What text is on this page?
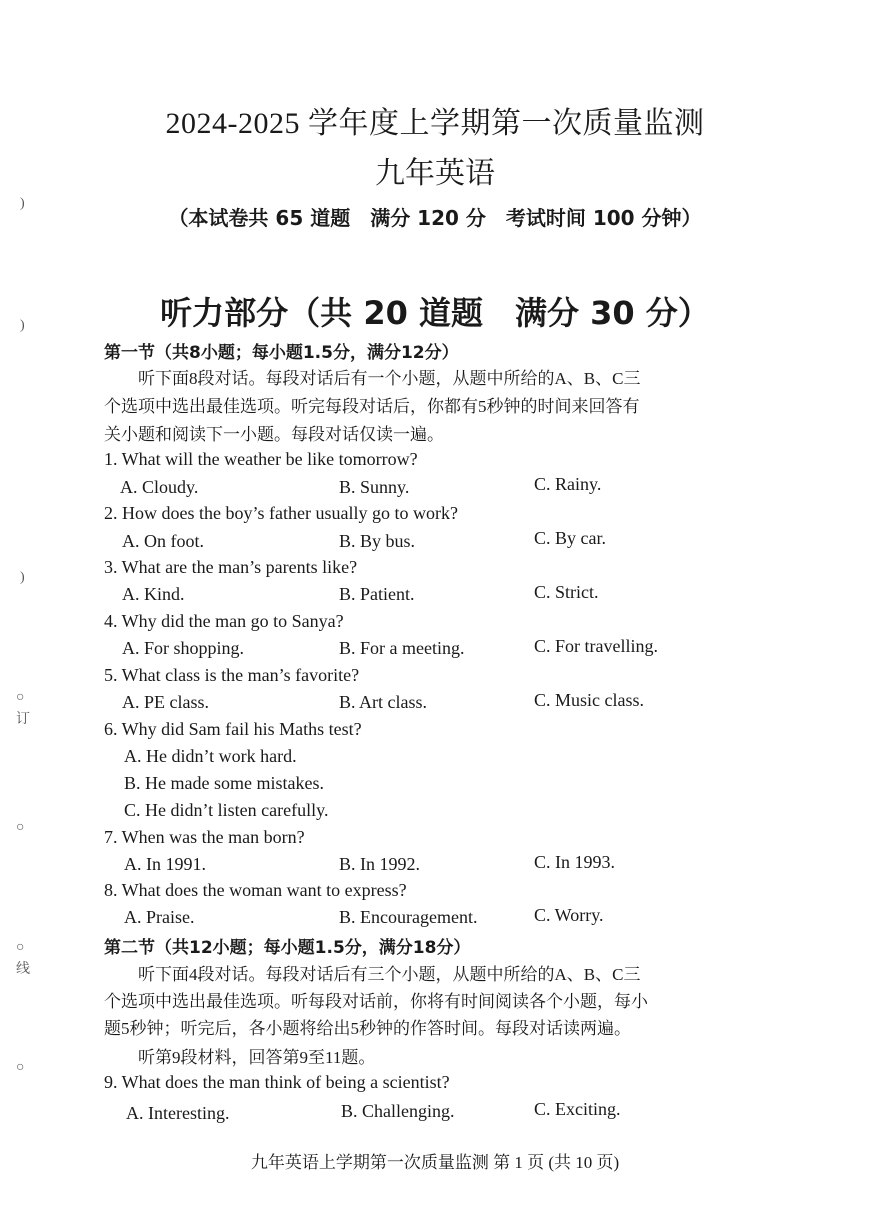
)
)
)
○
订
○
○
线
○
2024-2025 学年度上学期第一次质量监测
九年英语
（本试卷共 65 道题　满分 120 分　考试时间 100 分钟）
听力部分（共 20 道题　满分 30 分）
第一节（共8小题；每小题1.5分，满分12分）
　　听下面8段对话。每段对话后有一个小题，从题中所给的A、B、C三
个选项中选出最佳选项。听完每段对话后，你都有5秒钟的时间来回答有
关小题和阅读下一小题。每段对话仅读一遍。
1. What will the weather be like tomorrow?
A. Cloudy.	B. Sunny.	C. Rainy.
2. How does the boy’s father usually go to work?
A. On foot.	B. By bus.	C. By car.
3. What are the man’s parents like?
A. Kind.	B. Patient.	C. Strict.
4. Why did the man go to Sanya?
A. For shopping.	B. For a meeting.	C. For travelling.
5. What class is the man’s favorite?
A. PE class.	B. Art class.	C. Music class.
6. Why did Sam fail his Maths test?
A. He didn’t work hard.
B. He made some mistakes.
C. He didn’t listen carefully.
7. When was the man born?
A. In 1991.	B. In 1992.	C. In 1993.
8. What does the woman want to express?
A. Praise.	B. Encouragement.	C. Worry.
第二节（共12小题；每小题1.5分，满分18分）
　　听下面4段对话。每段对话后有三个小题，从题中所给的A、B、C三
个选项中选出最佳选项。听每段对话前，你将有时间阅读各个小题，每小
题5秒钟；听完后，各小题将给出5秒钟的作答时间。每段对话读两遍。
　　听第9段材料，回答第9至11题。
9. What does the man think of being a scientist?
A. Interesting.	B. Challenging.	C. Exciting.
九年英语上学期第一次质量监测 第 1 页 (共 10 页)
